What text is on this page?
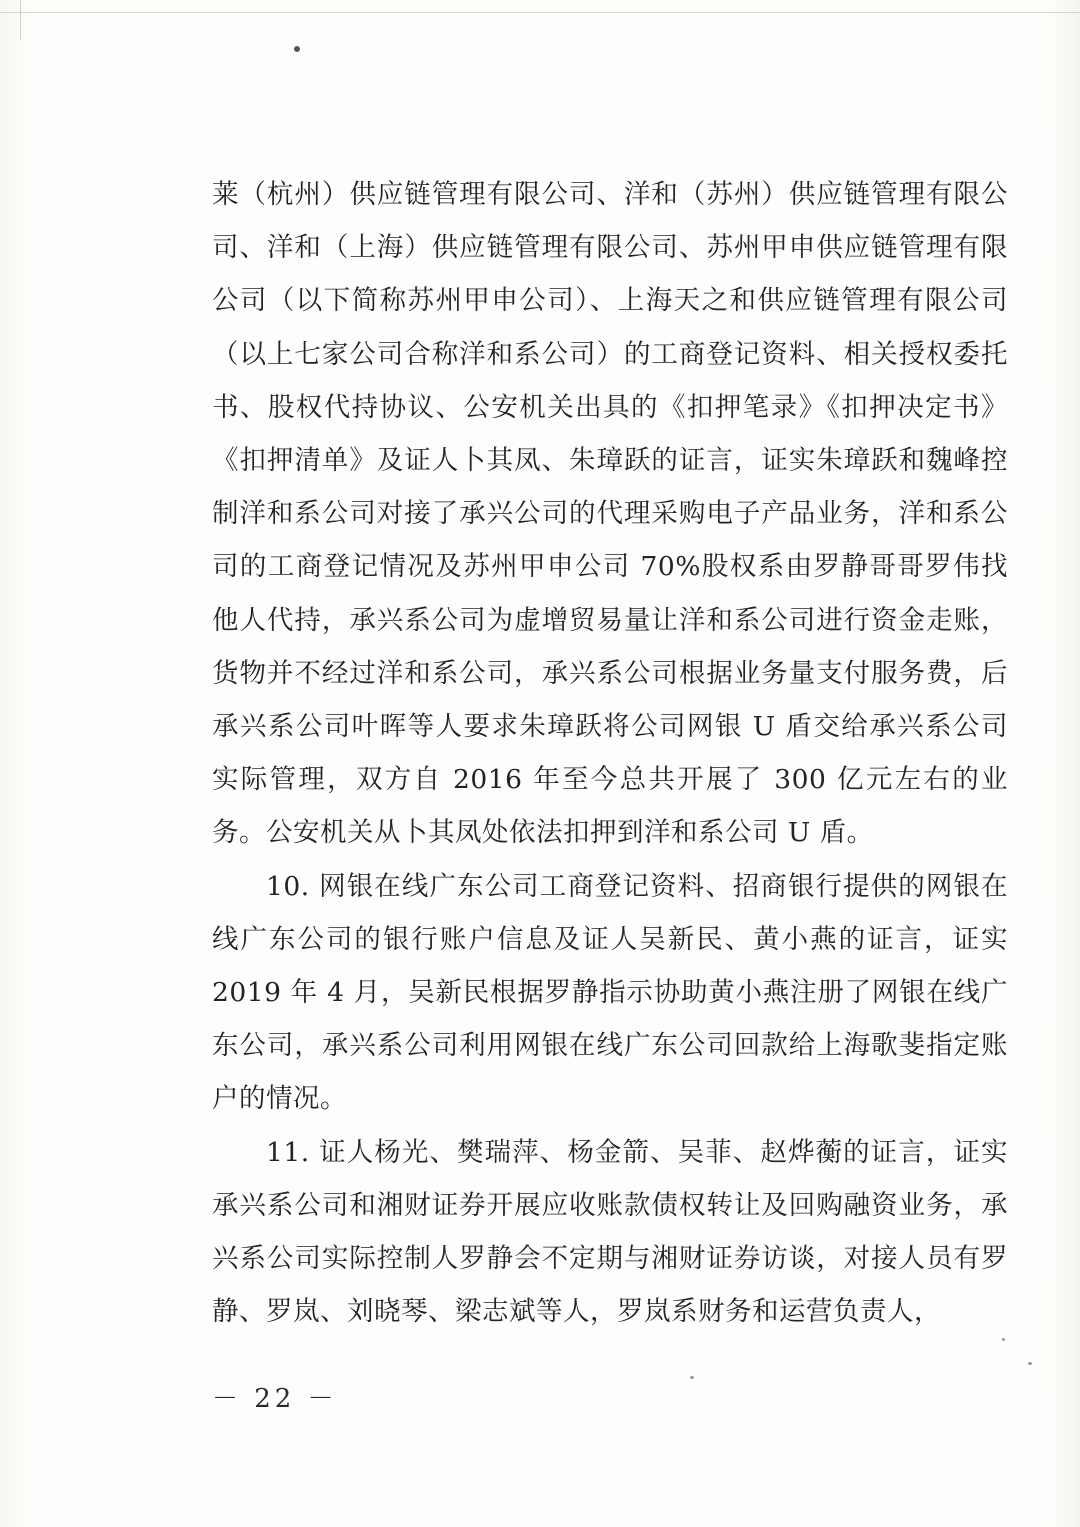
莱（杭州）供应链管理有限公司、洋和（苏州）供应链管理有限公司、洋和（上海）供应链管理有限公司、苏州甲申供应链管理有限公司（以下简称苏州甲申公司）、上海天之和供应链管理有限公司（以上七家公司合称洋和系公司）的工商登记资料、相关授权委托书、股权代持协议、公安机关出具的《扣押笔录》《扣押决定书》《扣押清单》及证人卜其凤、朱璋跃的证言，证实朱璋跃和魏峰控制洋和系公司对接了承兴公司的代理采购电子产品业务，洋和系公司的工商登记情况及苏州甲申公司 70%股权系由罗静哥哥罗伟找他人代持，承兴系公司为虚增贸易量让洋和系公司进行资金走账，货物并不经过洋和系公司，承兴系公司根据业务量支付服务费，后承兴系公司叶晖等人要求朱璋跃将公司网银 U 盾交给承兴系公司实际管理，双方自 2016 年至今总共开展了 300 亿元左右的业务。公安机关从卜其凤处依法扣押到洋和系公司 U 盾。

10. 网银在线广东公司工商登记资料、招商银行提供的网银在线广东公司的银行账户信息及证人吴新民、黄小燕的证言，证实 2019 年 4 月，吴新民根据罗静指示协助黄小燕注册了网银在线广东公司，承兴系公司利用网银在线广东公司回款给上海歌斐指定账户的情况。

11. 证人杨光、樊瑞萍、杨金箭、吴菲、赵烨蘅的证言，证实承兴系公司和湘财证券开展应收账款债权转让及回购融资业务，承兴系公司实际控制人罗静会不定期与湘财证券访谈，对接人员有罗静、罗岚、刘晓琴、梁志斌等人，罗岚系财务和运营负责人，

－ 22 －
